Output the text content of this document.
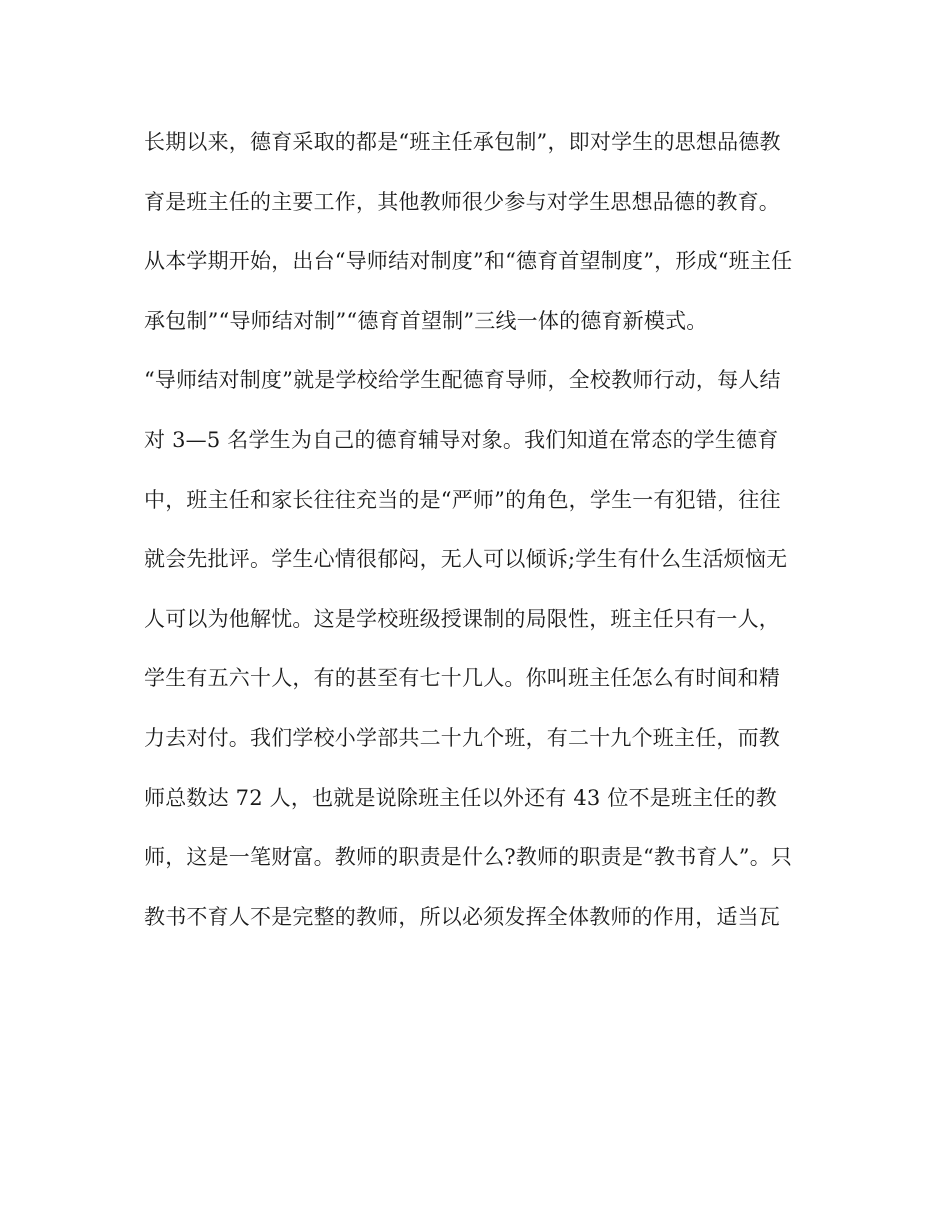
长期以来，德育采取的都是“班主任承包制”，即对学生的思想品德教
育是班主任的主要工作，其他教师很少参与对学生思想品德的教育。
从本学期开始，出台“导师结对制度”和“德育首望制度”，形成“班主任
承包制”“导师结对制”“德育首望制”三线一体的德育新模式。
“导师结对制度”就是学校给学生配德育导师，全校教师行动，每人结
对 3—5 名学生为自己的德育辅导对象。我们知道在常态的学生德育
中，班主任和家长往往充当的是“严师”的角色，学生一有犯错，往往
就会先批评。学生心情很郁闷，无人可以倾诉;学生有什么生活烦恼无
人可以为他解忧。这是学校班级授课制的局限性，班主任只有一人，
学生有五六十人，有的甚至有七十几人。你叫班主任怎么有时间和精
力去对付。我们学校小学部共二十九个班，有二十九个班主任，而教
师总数达 72 人，也就是说除班主任以外还有 43 位不是班主任的教
师，这是一笔财富。教师的职责是什么?教师的职责是“教书育人”。只
教书不育人不是完整的教师，所以必须发挥全体教师的作用，适当瓦
